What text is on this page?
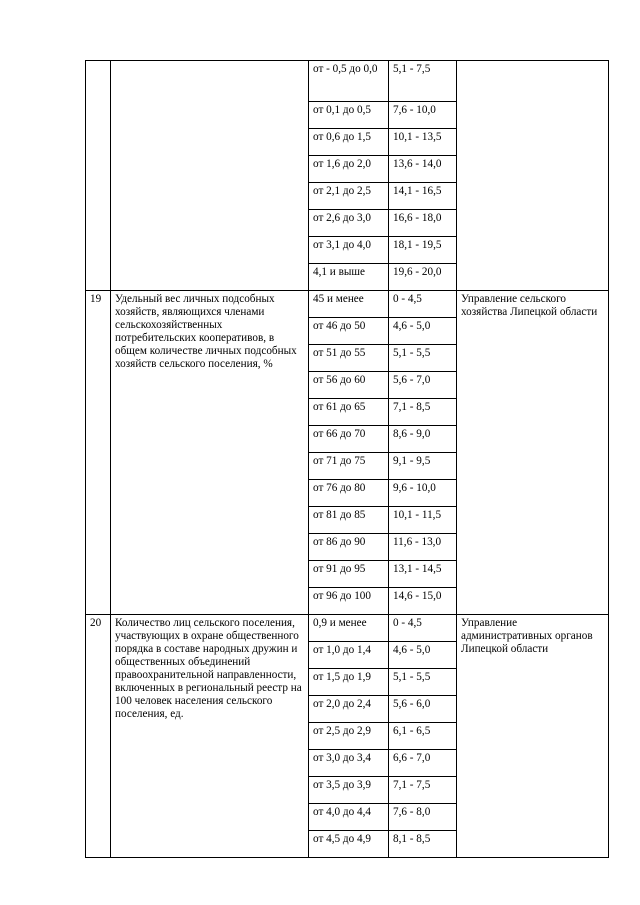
		от - 0,5 до 0,0	5,1 - 7,5	
		от 0,1 до 0,5	7,6 - 10,0	
		от 0,6 до 1,5	10,1 - 13,5	
		от 1,6 до 2,0	13,6 - 14,0	
		от 2,1 до 2,5	14,1 - 16,5	
		от 2,6 до 3,0	16,6 - 18,0	
		от 3,1 до 4,0	18,1 - 19,5	
		4,1 и выше	19,6 - 20,0	
19	Удельный вес личных подсобных хозяйств, являющихся членами сельскохозяйственных потребительских кооперативов, в общем количестве личных подсобных хозяйств сельского поселения, %	45 и менее	0 - 4,5	Управление сельского хозяйства Липецкой области
		от 46 до 50	4,6 - 5,0	
		от 51 до 55	5,1 - 5,5	
		от 56 до 60	5,6 - 7,0	
		от 61 до 65	7,1 - 8,5	
		от 66 до 70	8,6 - 9,0	
		от 71 до 75	9,1 - 9,5	
		от 76 до 80	9,6 - 10,0	
		от 81 до 85	10,1 - 11,5	
		от 86 до 90	11,6 - 13,0	
		от 91 до 95	13,1 - 14,5	
		от 96 до 100	14,6 - 15,0	
20	Количество лиц сельского поселения, участвующих в охране общественного порядка в составе народных дружин и общественных объединений правоохранительной направленности, включенных в региональный реестр на 100 человек населения сельского поселения, ед.	0,9 и менее	0 - 4,5	Управление административных органов Липецкой области
		от 1,0 до 1,4	4,6 - 5,0	
		от 1,5 до 1,9	5,1 - 5,5	
		от 2,0 до 2,4	5,6 - 6,0	
		от 2,5 до 2,9	6,1 - 6,5	
		от 3,0 до 3,4	6,6 - 7,0	
		от 3,5 до 3,9	7,1 - 7,5	
		от 4,0 до 4,4	7,6 - 8,0	
		от 4,5 до 4,9	8,1 - 8,5	
